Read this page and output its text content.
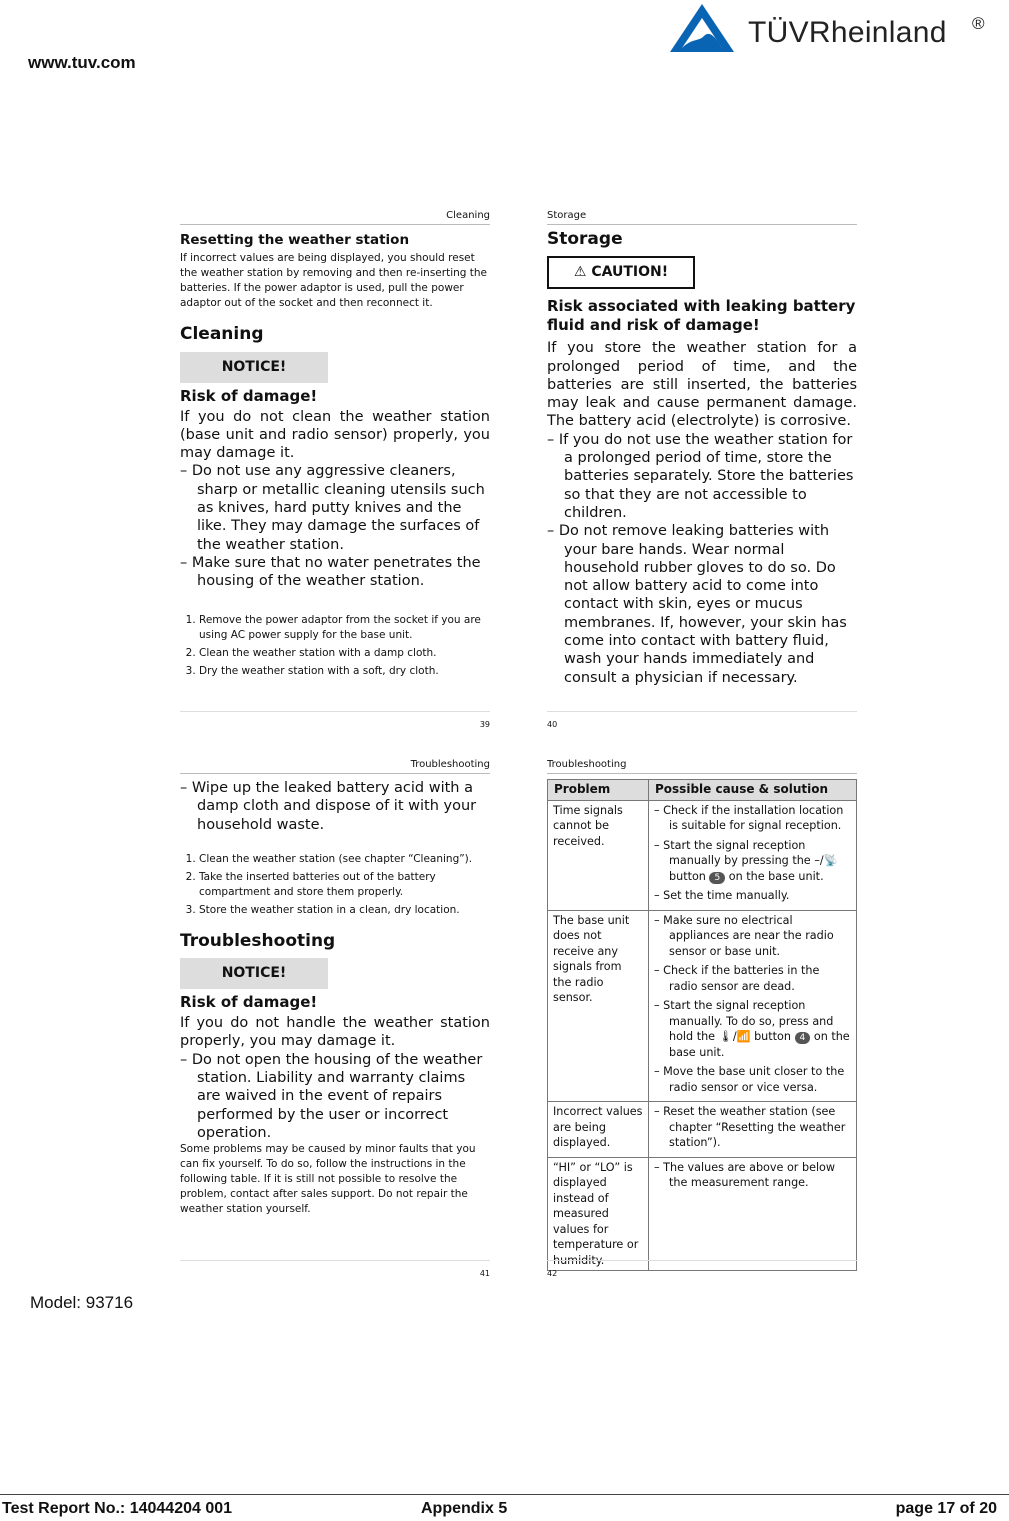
www.tuv.com
TÜVRheinland ®
Cleaning
Resetting the weather station
If incorrect values are being displayed, you should reset the weather station by removing and then re-inserting the batteries. If the power adaptor is used, pull the power adaptor out of the socket and then reconnect it.
Cleaning
NOTICE!
Risk of damage!
If you do not clean the weather station (base unit and radio sensor) properly, you may damage it.

– Do not use any aggressive cleaners, sharp or metallic cleaning utensils such as knives, hard putty knives and the like. They may damage the surfaces of the weather station.

– Make sure that no water penetrates the housing of the weather station.

1. Remove the power adaptor from the socket if you are using AC power supply for the base unit.
2. Clean the weather station with a damp cloth.
3. Dry the weather station with a soft, dry cloth.
39
Storage
Storage
⚠ CAUTION!
Risk associated with leaking battery fluid and risk of damage!
If you store the weather station for a prolonged period of time, and the batteries are still inserted, the batteries may leak and cause permanent damage. The battery acid (electrolyte) is corrosive.

– If you do not use the weather station for a prolonged period of time, store the batteries separately. Store the batteries so that they are not accessible to children.

– Do not remove leaking batteries with your bare hands. Wear normal household rubber gloves to do so. Do not allow battery acid to come into contact with skin, eyes or mucus membranes. If, however, your skin has come into contact with battery fluid, wash your hands immediately and consult a physician if necessary.

40
Troubleshooting

– Wipe up the leaked battery acid with a damp cloth and dispose of it with your household waste.

1. Clean the weather station (see chapter “Cleaning”).
2. Take the inserted batteries out of the battery compartment and store them properly.
3. Store the weather station in a clean, dry location.
Troubleshooting
NOTICE!
Risk of damage!
If you do not handle the weather station properly, you may damage it.

– Do not open the housing of the weather station. Liability and warranty claims are waived in the event of repairs performed by the user or incorrect operation.

Some problems may be caused by minor faults that you can fix yourself. To do so, follow the instructions in the following table. If it is still not possible to resolve the problem, contact after sales support. Do not repair the weather station yourself.
41
Troubleshooting
Problem	Possible cause & solution
Time signals cannot be received.	– Check if the installation location is suitable for signal reception.

– Start the signal reception manually by pressing the –/📡 button 5 on the base unit.

– Set the time manually.

The base unit does not receive any signals from the radio sensor.	– Make sure no electrical appliances are near the radio sensor or base unit.

– Check if the batteries in the radio sensor are dead.

– Start the signal reception manually. To do so, press and hold the 🌡/📶 button 4 on the base unit.

– Move the base unit closer to the radio sensor or vice versa.

Incorrect values are being displayed.	– Reset the weather station (see chapter “Resetting the weather station”).

“HI” or “LO” is displayed instead of measured values for temperature or humidity.	– The values are above or below the measurement range.

42
Model: 93716
Test Report No.: 14044204 001	Appendix 5	page 17 of 20
